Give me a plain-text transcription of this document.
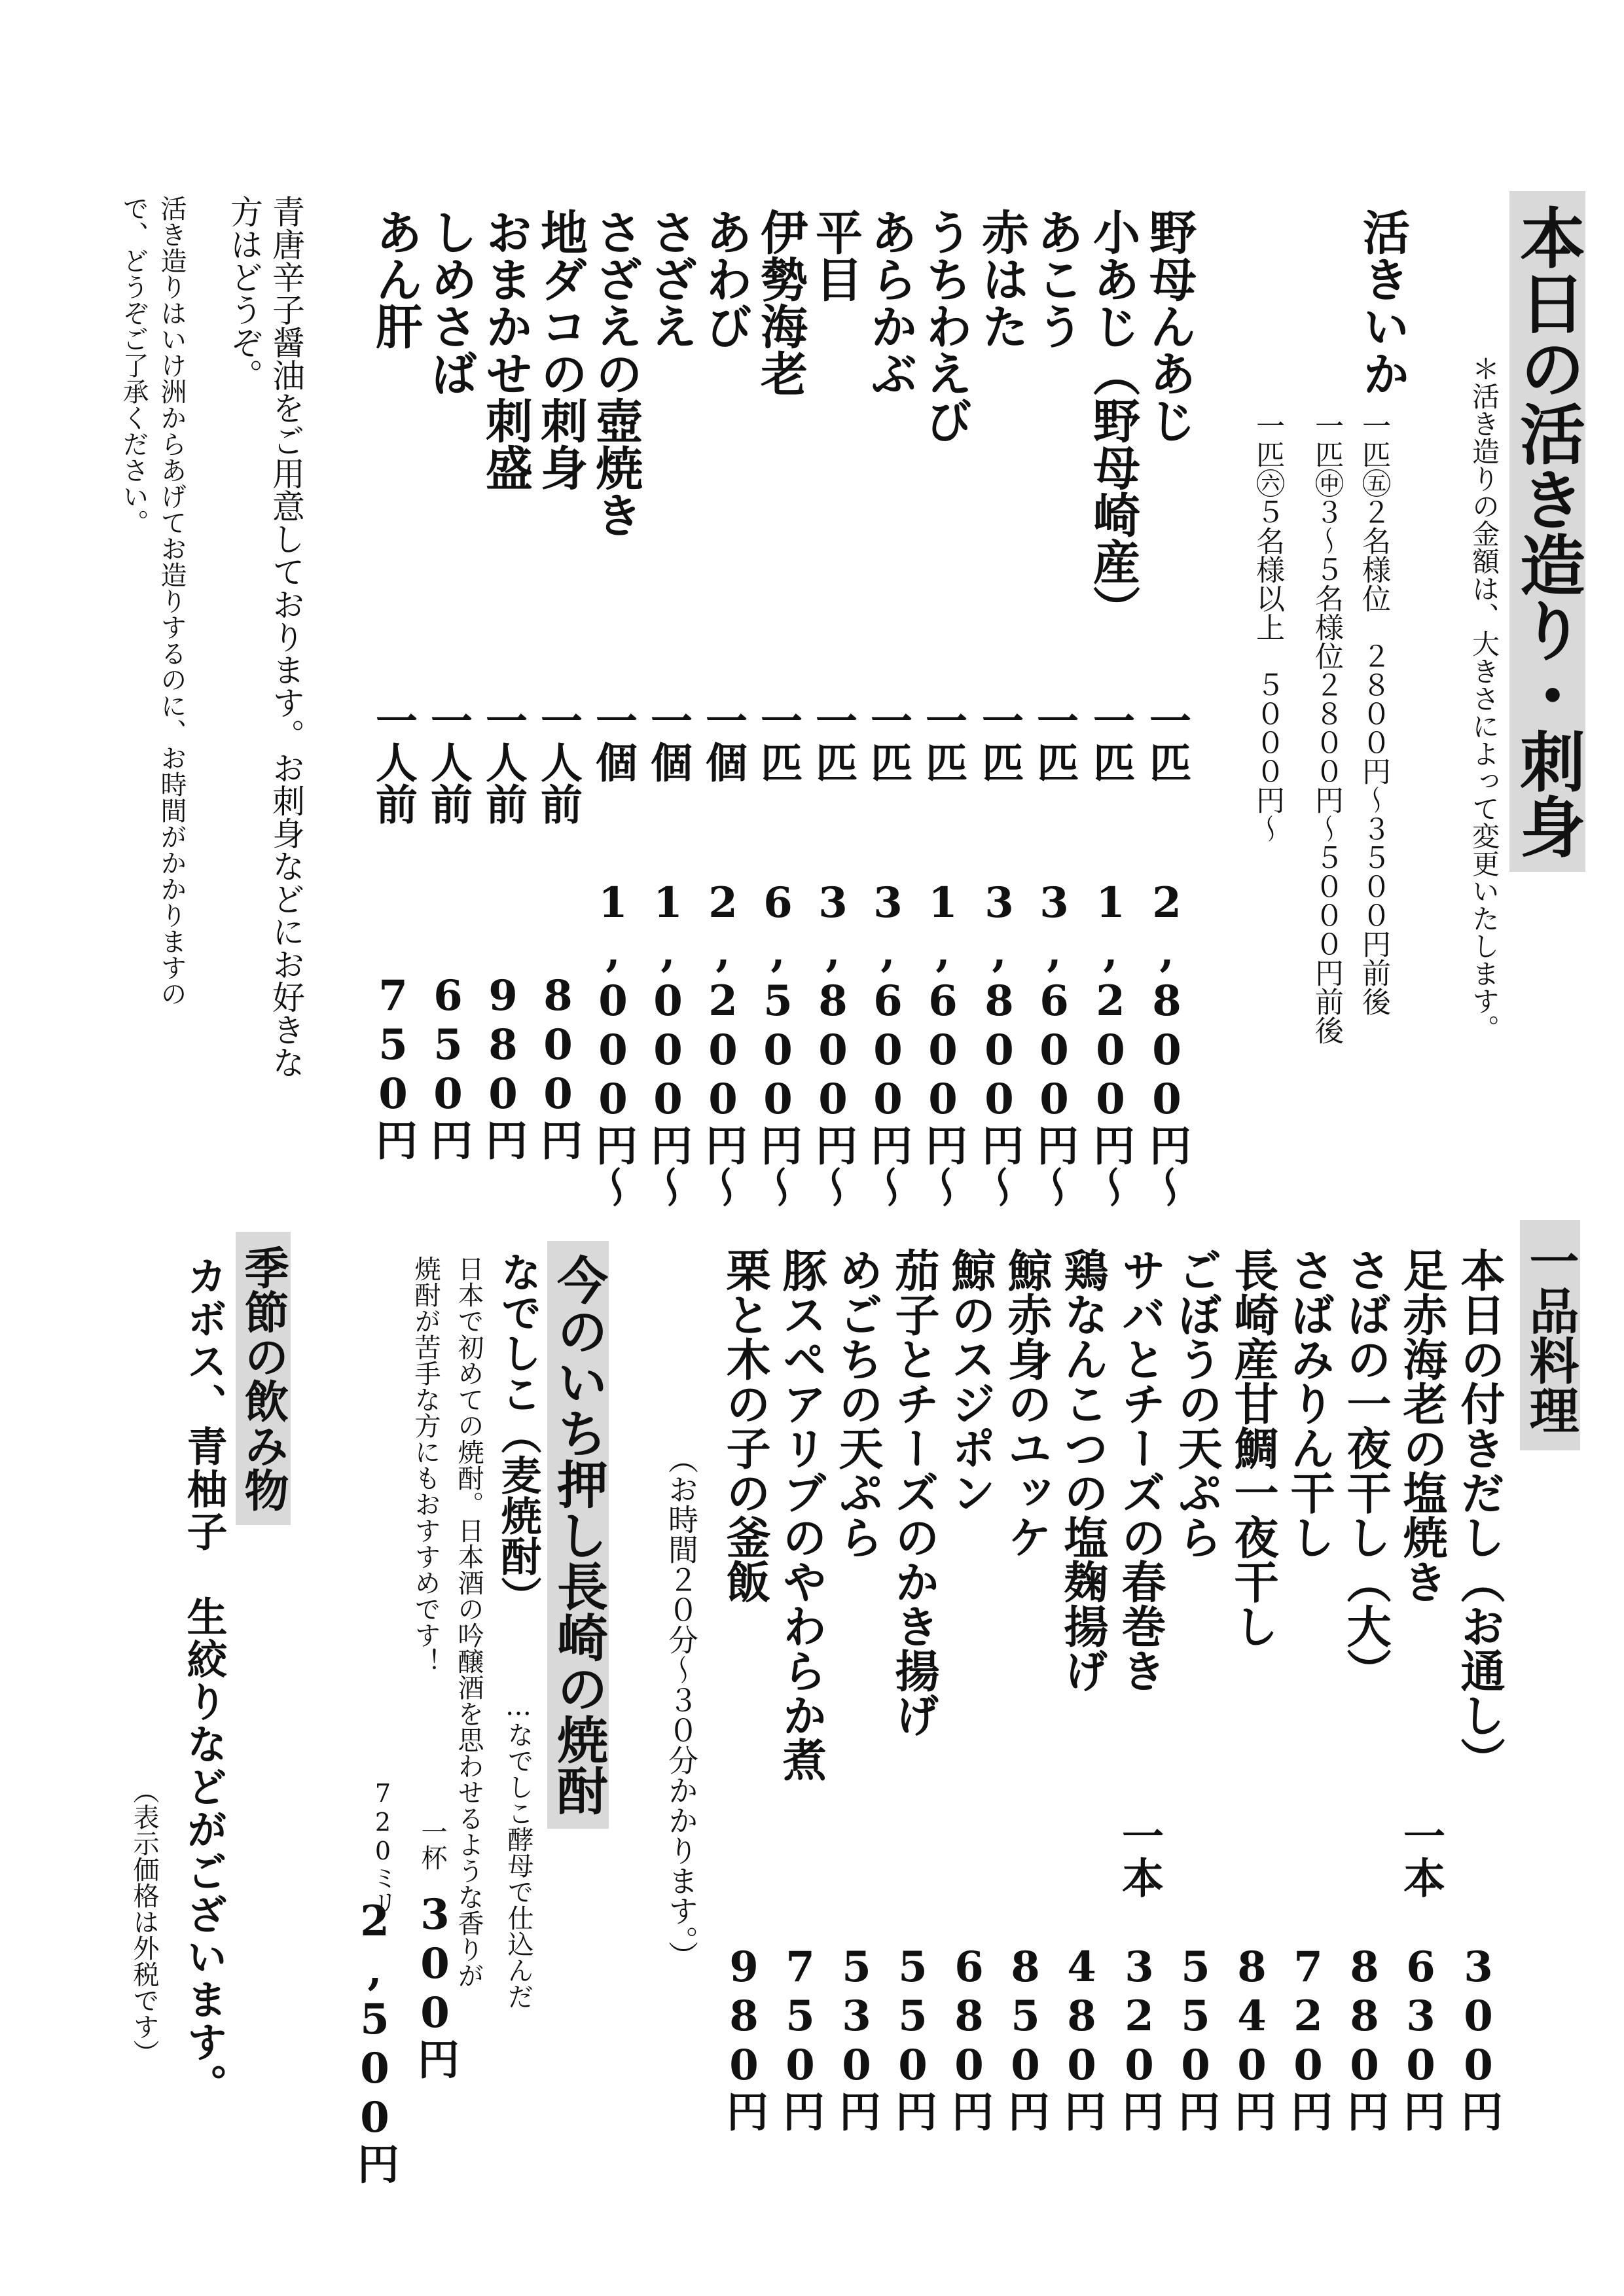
本日の活き造り・刺身
＊活き造りの金額は、大きさによって変更いたします。
活きいか
一匹㊄２名様位　２８００円～３５００円前後
一匹㊥３～５名様位２８００円～５０００円前後
一匹㊅５名様以上　５０００円～
野母んあじ
一匹
2,800円～
小あじ（野母崎産）
一匹
1,200円～
あこう
一匹
3,600円～
赤はた
一匹
3,800円～
うちわえび
一匹
1,600円～
あらかぶ
一匹
3,600円～
平目
一匹
3,800円～
伊勢海老
一匹
6,500円～
あわび
一個
2,200円～
さざえ
一個
1,000円～
さざえの壺焼き
一個
1,000円～
地ダコの刺身
一人前
800円
おまかせ刺盛
一人前
980円
しめさば
一人前
650円
あん肝
一人前
750円
青唐辛子醤油をご用意しております。お刺身などにお好きな
方はどうぞ。
活き造りはいけ洲からあげてお造りするのに、お時間がかかりますの
で、どうぞご了承ください。
一品料理
本日の付きだし（お通し）
300円
足赤海老の塩焼き
一本
630円
さばの一夜干し（大）
880円
さばみりん干し
720円
長崎産甘鯛一夜干し
840円
ごぼうの天ぷら
550円
サバとチーズの春巻き
一本
320円
鶏なんこつの塩麹揚げ
480円
鯨赤身のユッケ
850円
鯨のスジポン
680円
茄子とチーズのかき揚げ
550円
めごちの天ぷら
530円
豚スペアリブのやわらか煮
750円
栗と木の子の釜飯
980円
（お時間２０分～３０分かかります。）
今のいち押し長崎の焼酎
なでしこ（麦焼酎）
…なでしこ酵母で仕込んだ
日本で初めての焼酎。日本酒の吟醸酒を思わせるような香りが
焼酎が苦手な方にもおすすめです！
一杯
300円
720ミリ
2,500円
季節の飲み物
カボス、青柚子　生絞りなどがございます。
（表示価格は外税です）
